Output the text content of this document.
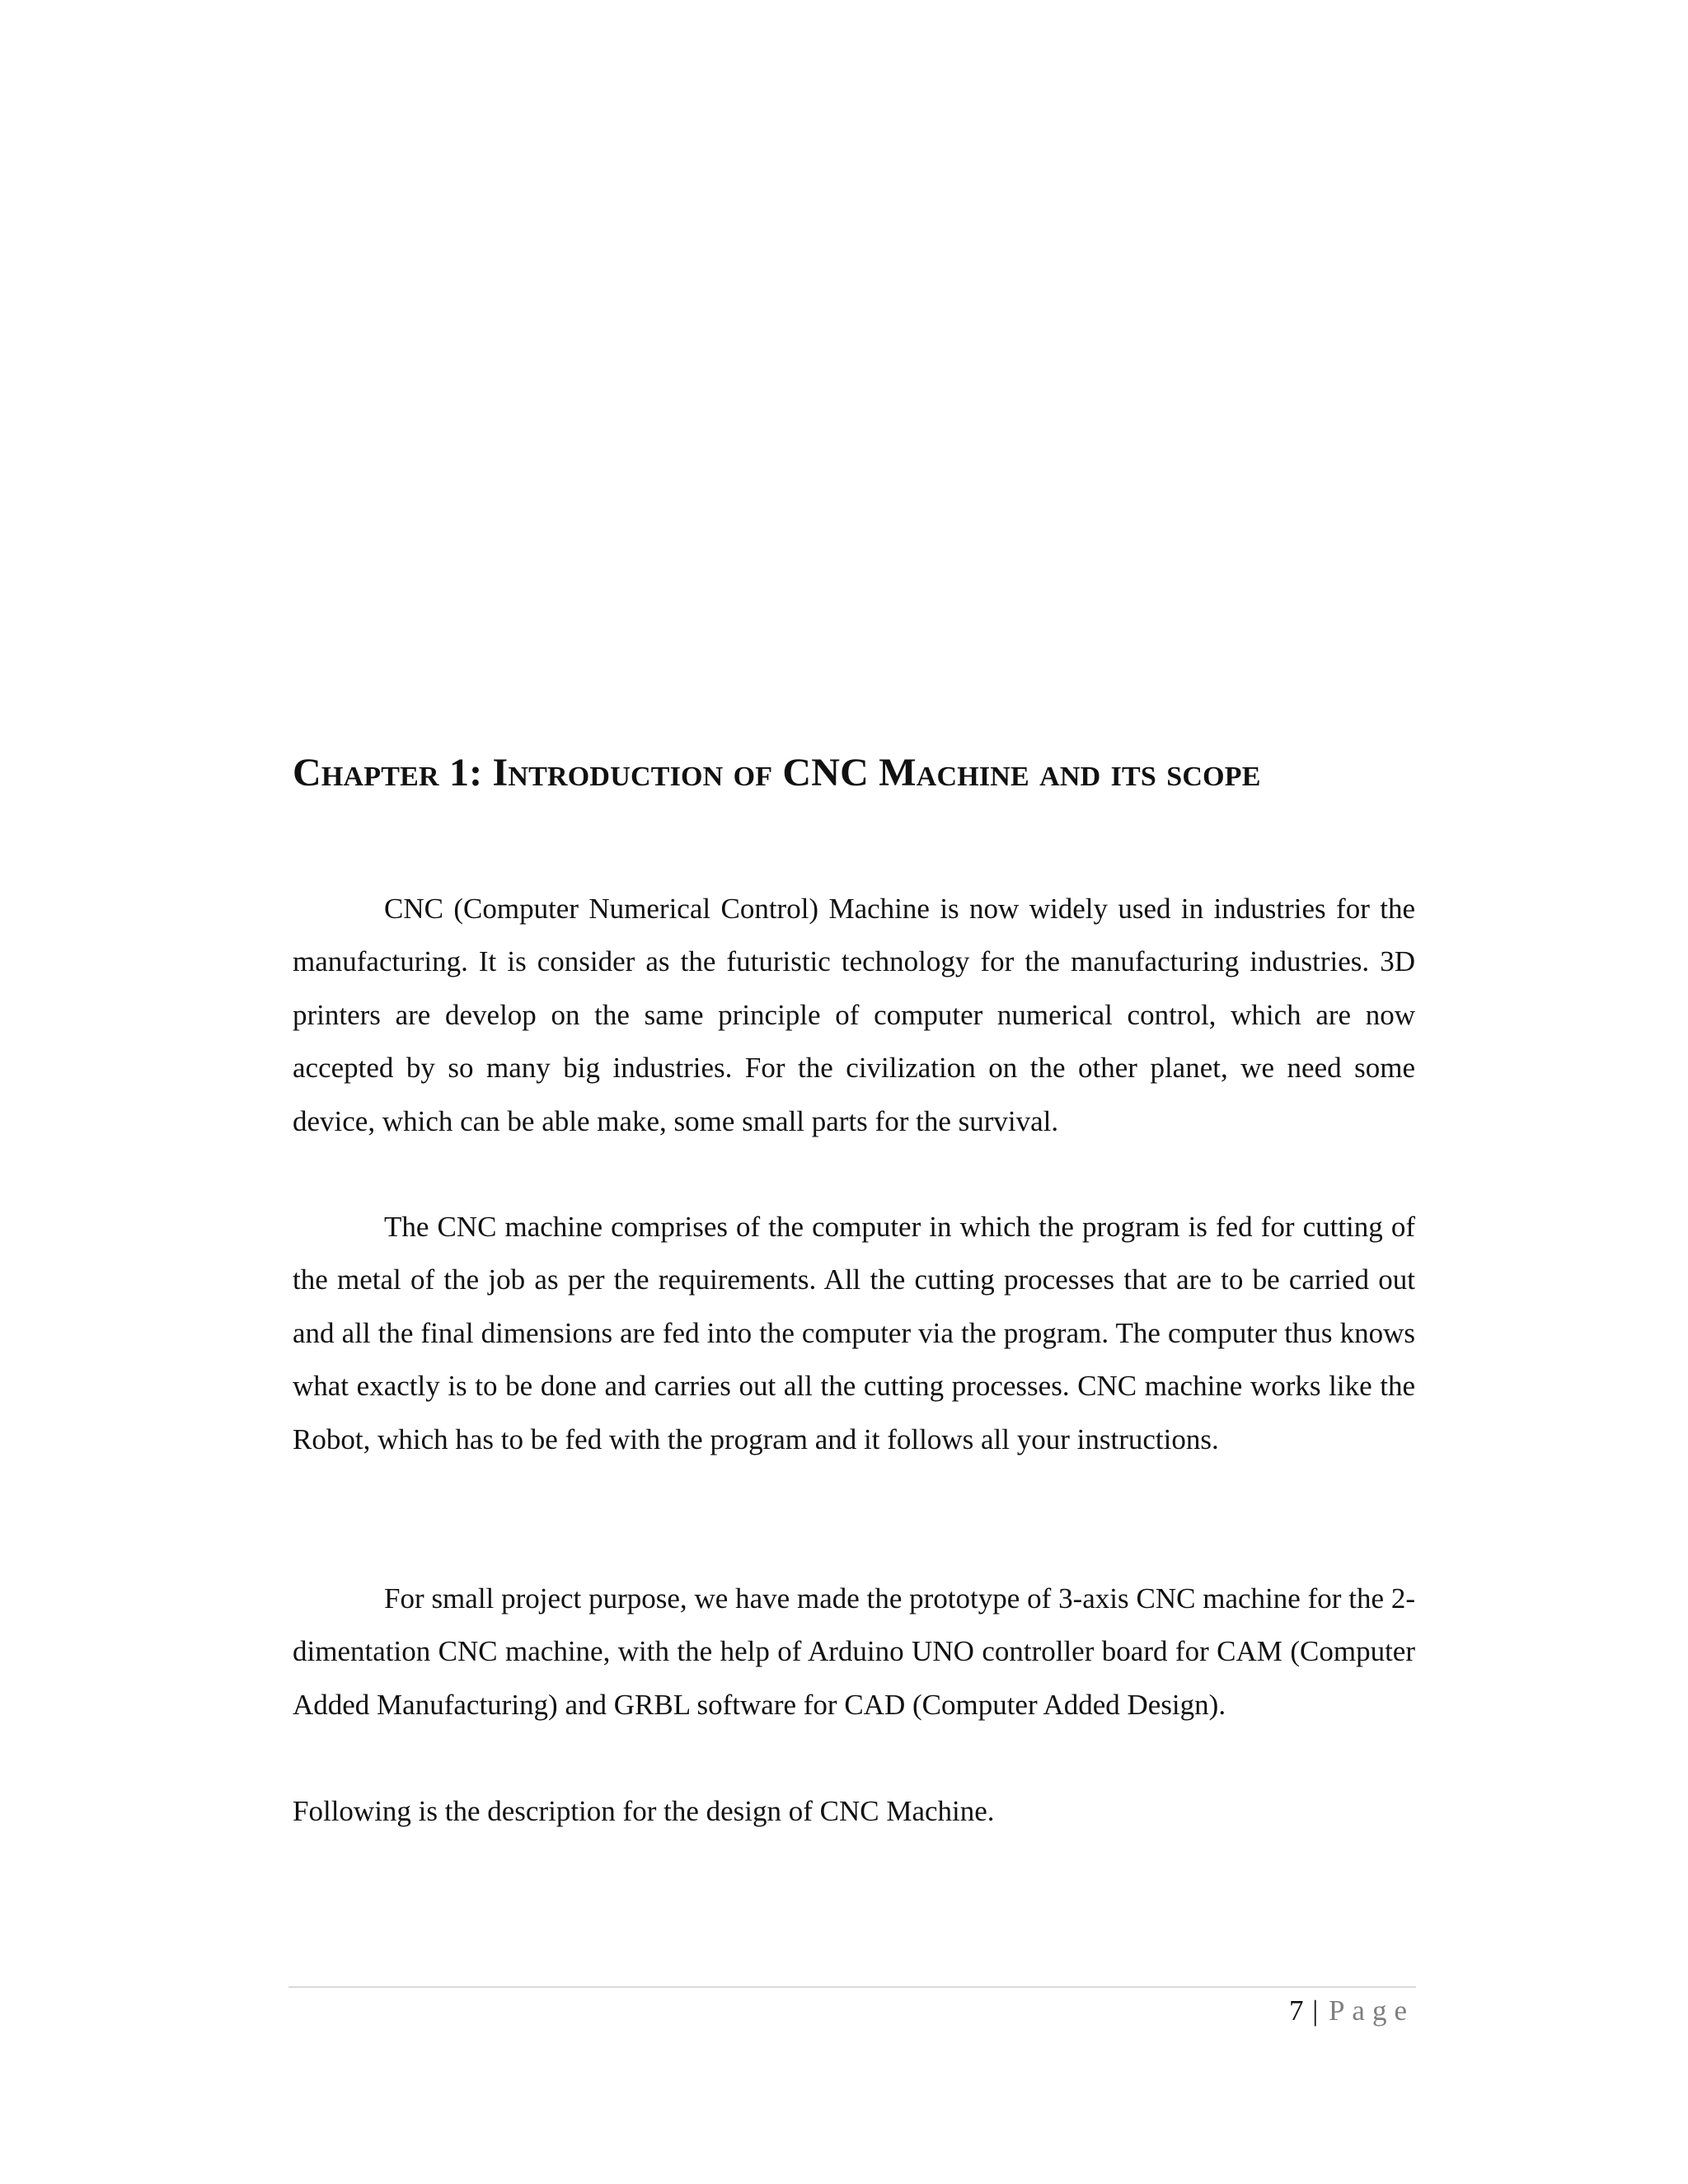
Chapter 1: Introduction of CNC Machine and its scope

CNC (Computer Numerical Control) Machine is now widely used in industries for the manufacturing. It is consider as the futuristic technology for the manufacturing industries. 3D printers are develop on the same principle of computer numerical control, which are now accepted by so many big industries. For the civilization on the other planet, we need some device, which can be able make, some small parts for the survival.

The CNC machine comprises of the computer in which the program is fed for cutting of the metal of the job as per the requirements. All the cutting processes that are to be carried out and all the final dimensions are fed into the computer via the program. The computer thus knows what exactly is to be done and carries out all the cutting processes. CNC machine works like the Robot, which has to be fed with the program and it follows all your instructions.

For small project purpose, we have made the prototype of 3-axis CNC machine for the 2-dimentation CNC machine, with the help of Arduino UNO controller board for CAM (Computer Added Manufacturing) and GRBL software for CAD (Computer Added Design).

Following is the description for the design of CNC Machine.

7 | Page
